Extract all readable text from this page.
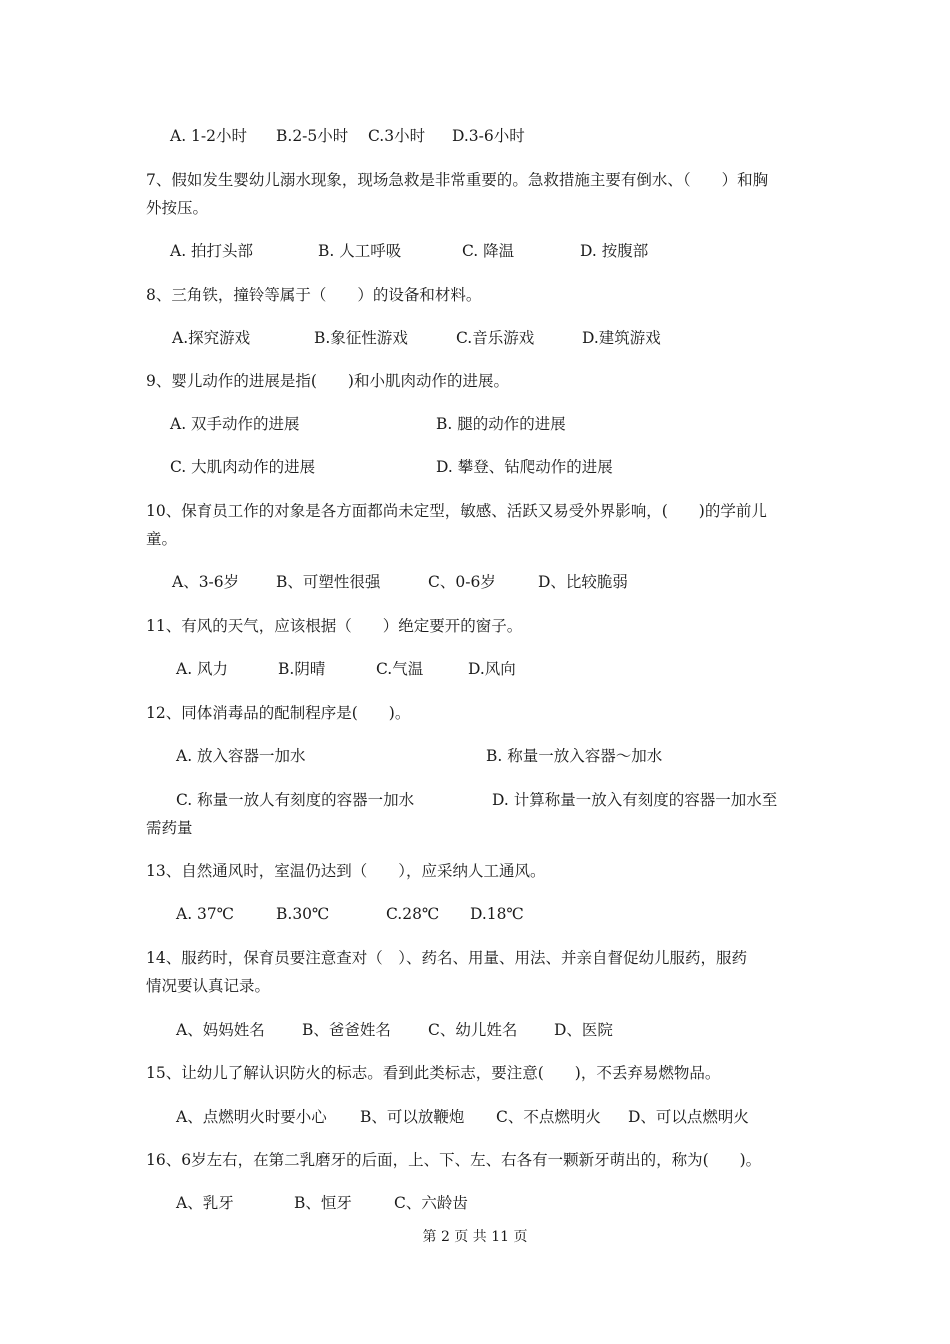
A. 1-2小时 B.2-5小时 C.3小时 D.3-6小时
7、假如发生婴幼儿溺水现象，现场急救是非常重要的。急救措施主要有倒水、（　　）和胸
外按压。
A. 拍打头部	B. 人工呼吸	C. 降温	D. 按腹部
8、三角铁，撞铃等属于（　　）的设备和材料。
A.探究游戏	B.象征性游戏	C.音乐游戏	D.建筑游戏
9、婴儿动作的进展是指(　　)和小肌肉动作的进展。
A. 双手动作的进展	B. 腿的动作的进展
C. 大肌肉动作的进展	D. 攀登、钻爬动作的进展
10、保育员工作的对象是各方面都尚未定型，敏感、活跃又易受外界影响，(　　)的学前儿
童。
A、3-6岁 B、可塑性很强	C、0-6岁	D、比较脆弱
11、有风的天气，应该根据（　　）绝定要开的窗子。
A. 风力	B.阴晴	C.气温	D.风向
12、同体消毒品的配制程序是(　　)。
A. 放入容器一加水	B. 称量一放入容器～加水
C. 称量一放人有刻度的容器一加水	D. 计算称量一放入有刻度的容器一加水至
需药量
13、自然通风时，室温仍达到（　　），应采纳人工通风。
A. 37℃	B.30℃	C.28℃ D.18℃
14、服药时，保育员要注意查对（　）、药名、用量、用法、并亲自督促幼儿服药，服药
情况要认真记录。
A、妈妈姓名 B、爸爸姓名 C、幼儿姓名 D、医院
15、让幼儿了解认识防火的标志。看到此类标志，要注意(　　)，不丢弃易燃物品。
A、点燃明火时要小心 B、可以放鞭炮 C、不点燃明火 D、可以点燃明火
16、6岁左右，在第二乳磨牙的后面，上、下、左、右各有一颗新牙萌出的，称为(　　)。
A、乳牙	B、恒牙	C、六龄齿
第 2 页 共 11 页
